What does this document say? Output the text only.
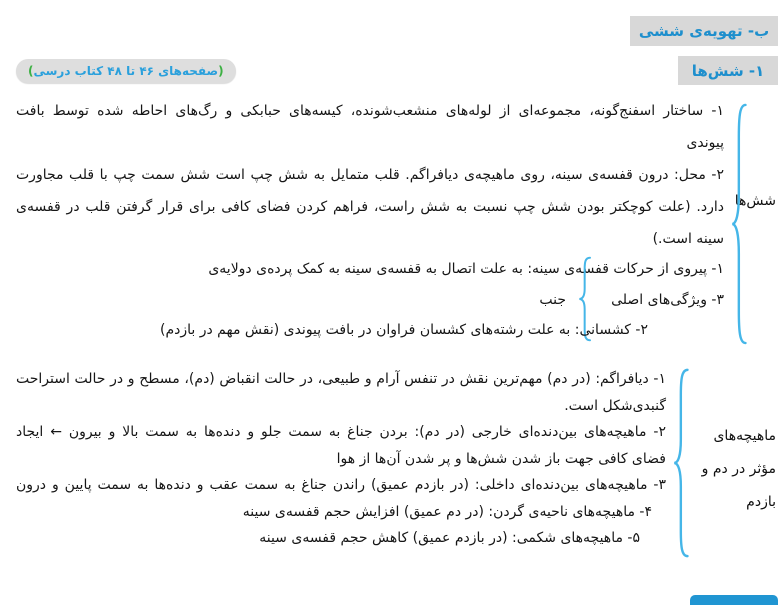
ب- تهویه‌ی ششی
۱- شش‌ها
(صفحه‌های ۴۶ تا ۴۸ کتاب درسی)
شش‌ها
۱- ساختار اسفنج‌گونه، مجموعه‌ای از لوله‌های منشعب‌شونده، کیسه‌های حبابکی و رگ‌های احاطه شده توسط بافت
پیوندی
۲- محل: درون قفسه‌ی سینه، روی ماهیچه‌ی دیافراگم. قلب متمایل به شش چپ است شش سمت چپ با قلب مجاورت
دارد. (علت کوچکتر بودن شش چپ نسبت به شش راست، فراهم کردن فضای کافی برای قرار گرفتن قلب در قفسه‌ی
سینه است.)
۱- پیروی از حرکات قفسه‌ی سینه: به علت اتصال به قفسه‌ی سینه به کمک پرده‌ی دولایه‌ی
۳- ویژگی‌های اصلی
جنب
۲- کشسانی: به علت رشته‌های کشسان فراوان در بافت پیوندی (نقش مهم در بازدم)
ماهیچه‌های
مؤثر در دم و
بازدم
۱- دیافراگم: (در دم) مهم‌ترین نقش در تنفس آرام و طبیعی، در حالت انقباض (دم)، مسطح و در حالت استراحت
گنبدی‌شکل است.
۲- ماهیچه‌های بین‌دنده‌ای خارجی (در دم): بردن جناغ به سمت جلو و دنده‌ها به سمت بالا و بیرون ← ایجاد
فضای کافی جهت باز شدن شش‌ها و پر شدن آن‌ها از هوا
۳- ماهیچه‌های بین‌دنده‌ای داخلی: (در بازدم عمیق) راندن جناغ به سمت عقب و دنده‌ها به سمت پایین و درون
۴- ماهیچه‌های ناحیه‌ی گردن: (در دم عمیق) افزایش حجم قفسه‌ی سینه
۵- ماهیچه‌های شکمی: (در بازدم عمیق) کاهش حجم قفسه‌ی سینه
